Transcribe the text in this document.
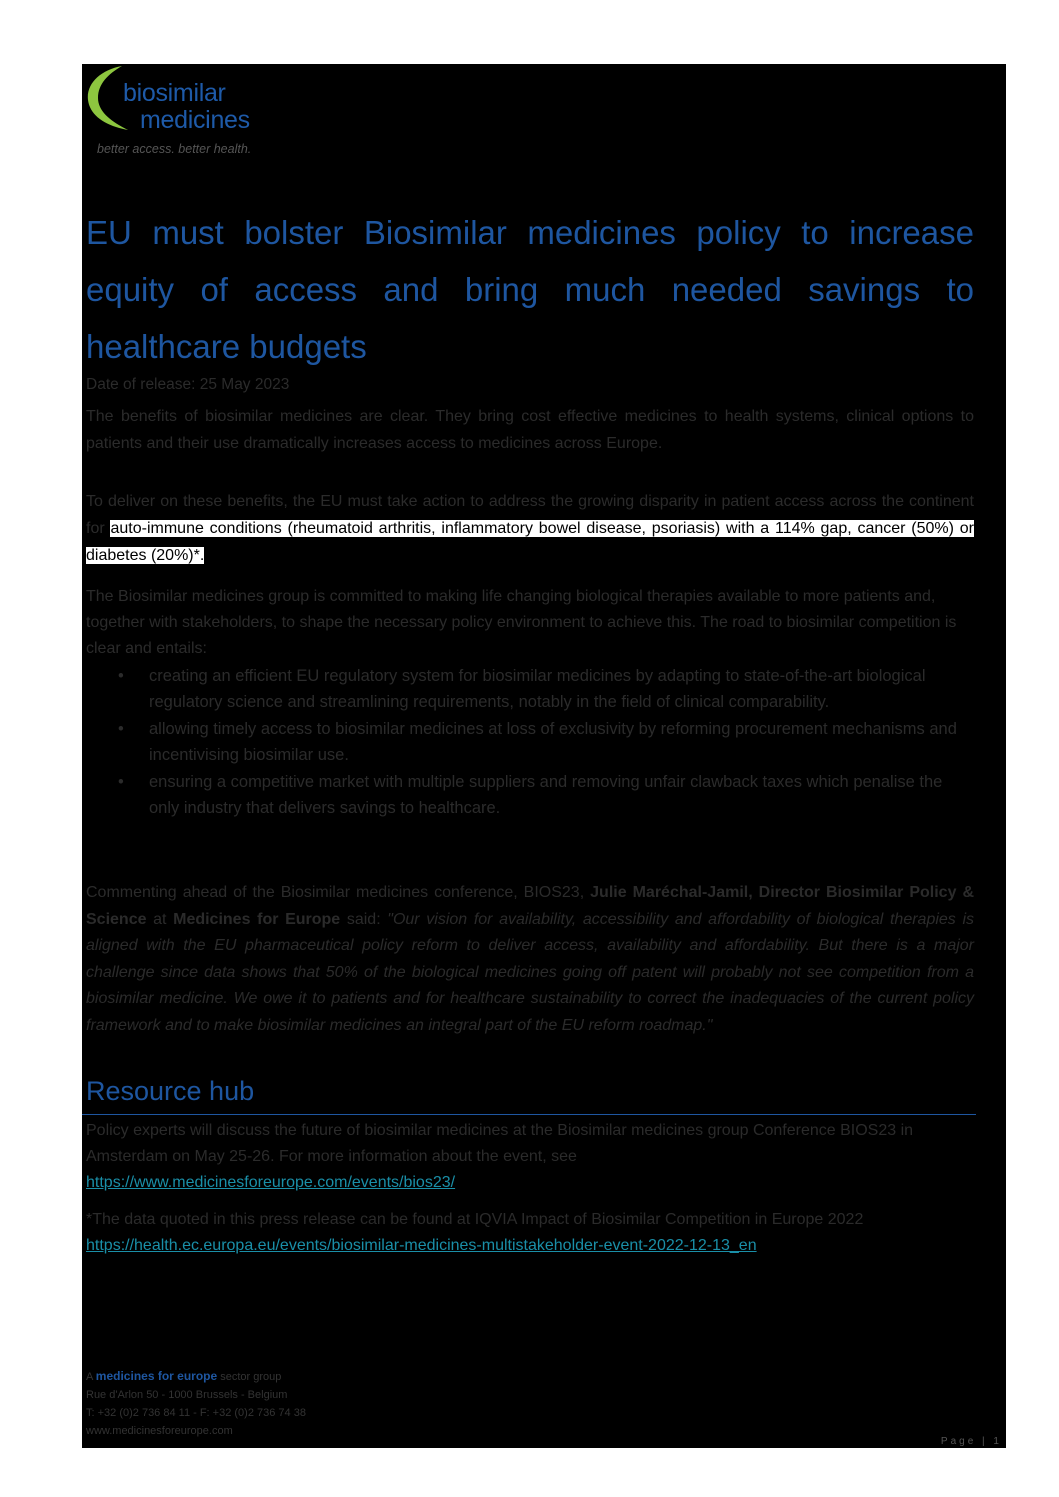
biosimilar
medicines
better access. better health.
EU must bolster Biosimilar medicines policy to increase equity of access and bring much needed savings to healthcare budgets
Date of release: 25 May 2023

The benefits of biosimilar medicines are clear. They bring cost effective medicines to health systems, clinical options to patients and their use dramatically increases access to medicines across Europe.

To deliver on these benefits, the EU must take action to address the growing disparity in patient access across the continent for auto-immune conditions (rheumatoid arthritis, inflammatory bowel disease, psoriasis) with a 114% gap, cancer (50%) or diabetes (20%)*.

The Biosimilar medicines group is committed to making life changing biological therapies available to more patients and, together with stakeholders, to shape the necessary policy environment to achieve this. The road to biosimilar competition is clear and entails:

• creating an efficient EU regulatory system for biosimilar medicines by adapting to state-of-the-art biological regulatory science and streamlining requirements, notably in the field of clinical comparability.
• allowing timely access to biosimilar medicines at loss of exclusivity by reforming procurement mechanisms and incentivising biosimilar use.
• ensuring a competitive market with multiple suppliers and removing unfair clawback taxes which penalise the only industry that delivers savings to healthcare.

Commenting ahead of the Biosimilar medicines conference, BIOS23, Julie Maréchal-Jamil, Director Biosimilar Policy & Science at Medicines for Europe said: "Our vision for availability, accessibility and affordability of biological therapies is aligned with the EU pharmaceutical policy reform to deliver access, availability and affordability. But there is a major challenge since data shows that 50% of the biological medicines going off patent will probably not see competition from a biosimilar medicine. We owe it to patients and for healthcare sustainability to correct the inadequacies of the current policy framework and to make biosimilar medicines an integral part of the EU reform roadmap."

Resource hub

Policy experts will discuss the future of biosimilar medicines at the Biosimilar medicines group Conference BIOS23 in Amsterdam on May 25-26. For more information about the event, see
https://www.medicinesforeurope.com/events/bios23/

*The data quoted in this press release can be found at IQVIA Impact of Biosimilar Competition in Europe 2022
https://health.ec.europa.eu/events/biosimilar-medicines-multistakeholder-event-2022-12-13_en

A medicines for europe sector group
Rue d'Arlon 50 - 1000 Brussels - Belgium
T: +32 (0)2 736 84 11 - F: +32 (0)2 736 74 38
www.medicinesforeurope.com
Page | 1
